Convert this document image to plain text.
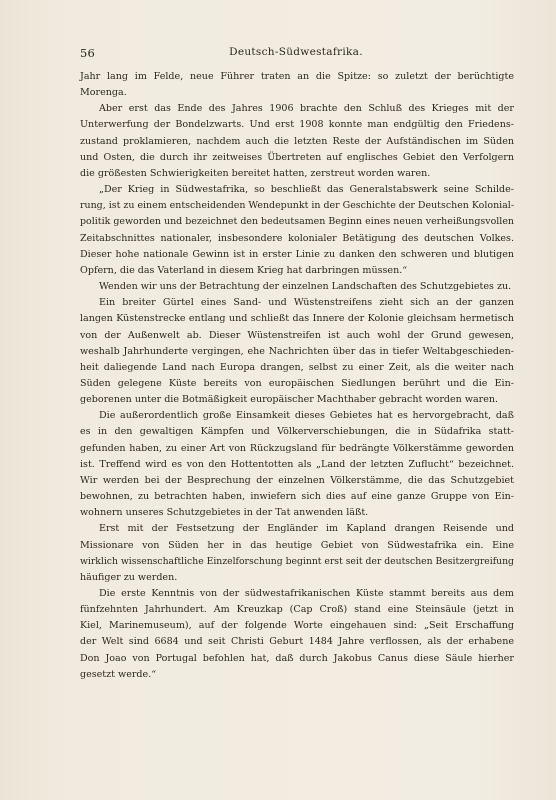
56	Deutsch-Südwestafrika.
Jahr lang im Felde, neue Führer traten an die Spitze: so zuletzt der berüchtigte
Morenga.
Aber erst das Ende des Jahres 1906 brachte den Schluß des Krieges mit der
Unterwerfung der Bondelzwarts. Und erst 1908 konnte man endgültig den Friedens-
zustand proklamieren, nachdem auch die letzten Reste der Aufständischen im Süden
und Osten, die durch ihr zeitweises Übertreten auf englisches Gebiet den Verfolgern
die größesten Schwierigkeiten bereitet hatten, zerstreut worden waren.
„Der Krieg in Südwestafrika, so beschließt das Generalstabswerk seine Schilde-
rung, ist zu einem entscheidenden Wendepunkt in der Geschichte der Deutschen Kolonial-
politik geworden und bezeichnet den bedeutsamen Beginn eines neuen verheißungsvollen
Zeitabschnittes nationaler, insbesondere kolonialer Betätigung des deutschen Volkes.
Dieser hohe nationale Gewinn ist in erster Linie zu danken den schweren und blutigen
Opfern, die das Vaterland in diesem Krieg hat darbringen müssen.“
Wenden wir uns der Betrachtung der einzelnen Landschaften des Schutzgebietes zu.
Ein breiter Gürtel eines Sand- und Wüstenstreifens zieht sich an der ganzen
langen Küstenstrecke entlang und schließt das Innere der Kolonie gleichsam hermetisch
von der Außenwelt ab. Dieser Wüstenstreifen ist auch wohl der Grund gewesen,
weshalb Jahrhunderte vergingen, ehe Nachrichten über das in tiefer Weltabgeschieden-
heit daliegende Land nach Europa drangen, selbst zu einer Zeit, als die weiter nach
Süden gelegene Küste bereits von europäischen Siedlungen berührt und die Ein-
geborenen unter die Botmäßigkeit europäischer Machthaber gebracht worden waren.
Die außerordentlich große Einsamkeit dieses Gebietes hat es hervorgebracht, daß
es in den gewaltigen Kämpfen und Völkerverschiebungen, die in Südafrika statt-
gefunden haben, zu einer Art von Rückzugsland für bedrängte Völkerstämme geworden
ist. Treffend wird es von den Hottentotten als „Land der letzten Zuflucht“ bezeichnet.
Wir werden bei der Besprechung der einzelnen Völkerstämme, die das Schutzgebiet
bewohnen, zu betrachten haben, inwiefern sich dies auf eine ganze Gruppe von Ein-
wohnern unseres Schutzgebietes in der Tat anwenden läßt.
Erst mit der Festsetzung der Engländer im Kapland drangen Reisende und
Missionare von Süden her in das heutige Gebiet von Südwestafrika ein. Eine
wirklich wissenschaftliche Einzelforschung beginnt erst seit der deutschen Besitzergreifung
häufiger zu werden.
Die erste Kenntnis von der südwestafrikanischen Küste stammt bereits aus dem
fünfzehnten Jahrhundert. Am Kreuzkap (Cap Croß) stand eine Steinsäule (jetzt in
Kiel, Marinemuseum), auf der folgende Worte eingehauen sind: „Seit Erschaffung
der Welt sind 6684 und seit Christi Geburt 1484 Jahre verflossen, als der erhabene
Don Joao von Portugal befohlen hat, daß durch Jakobus Canus diese Säule hierher
gesetzt werde.“
